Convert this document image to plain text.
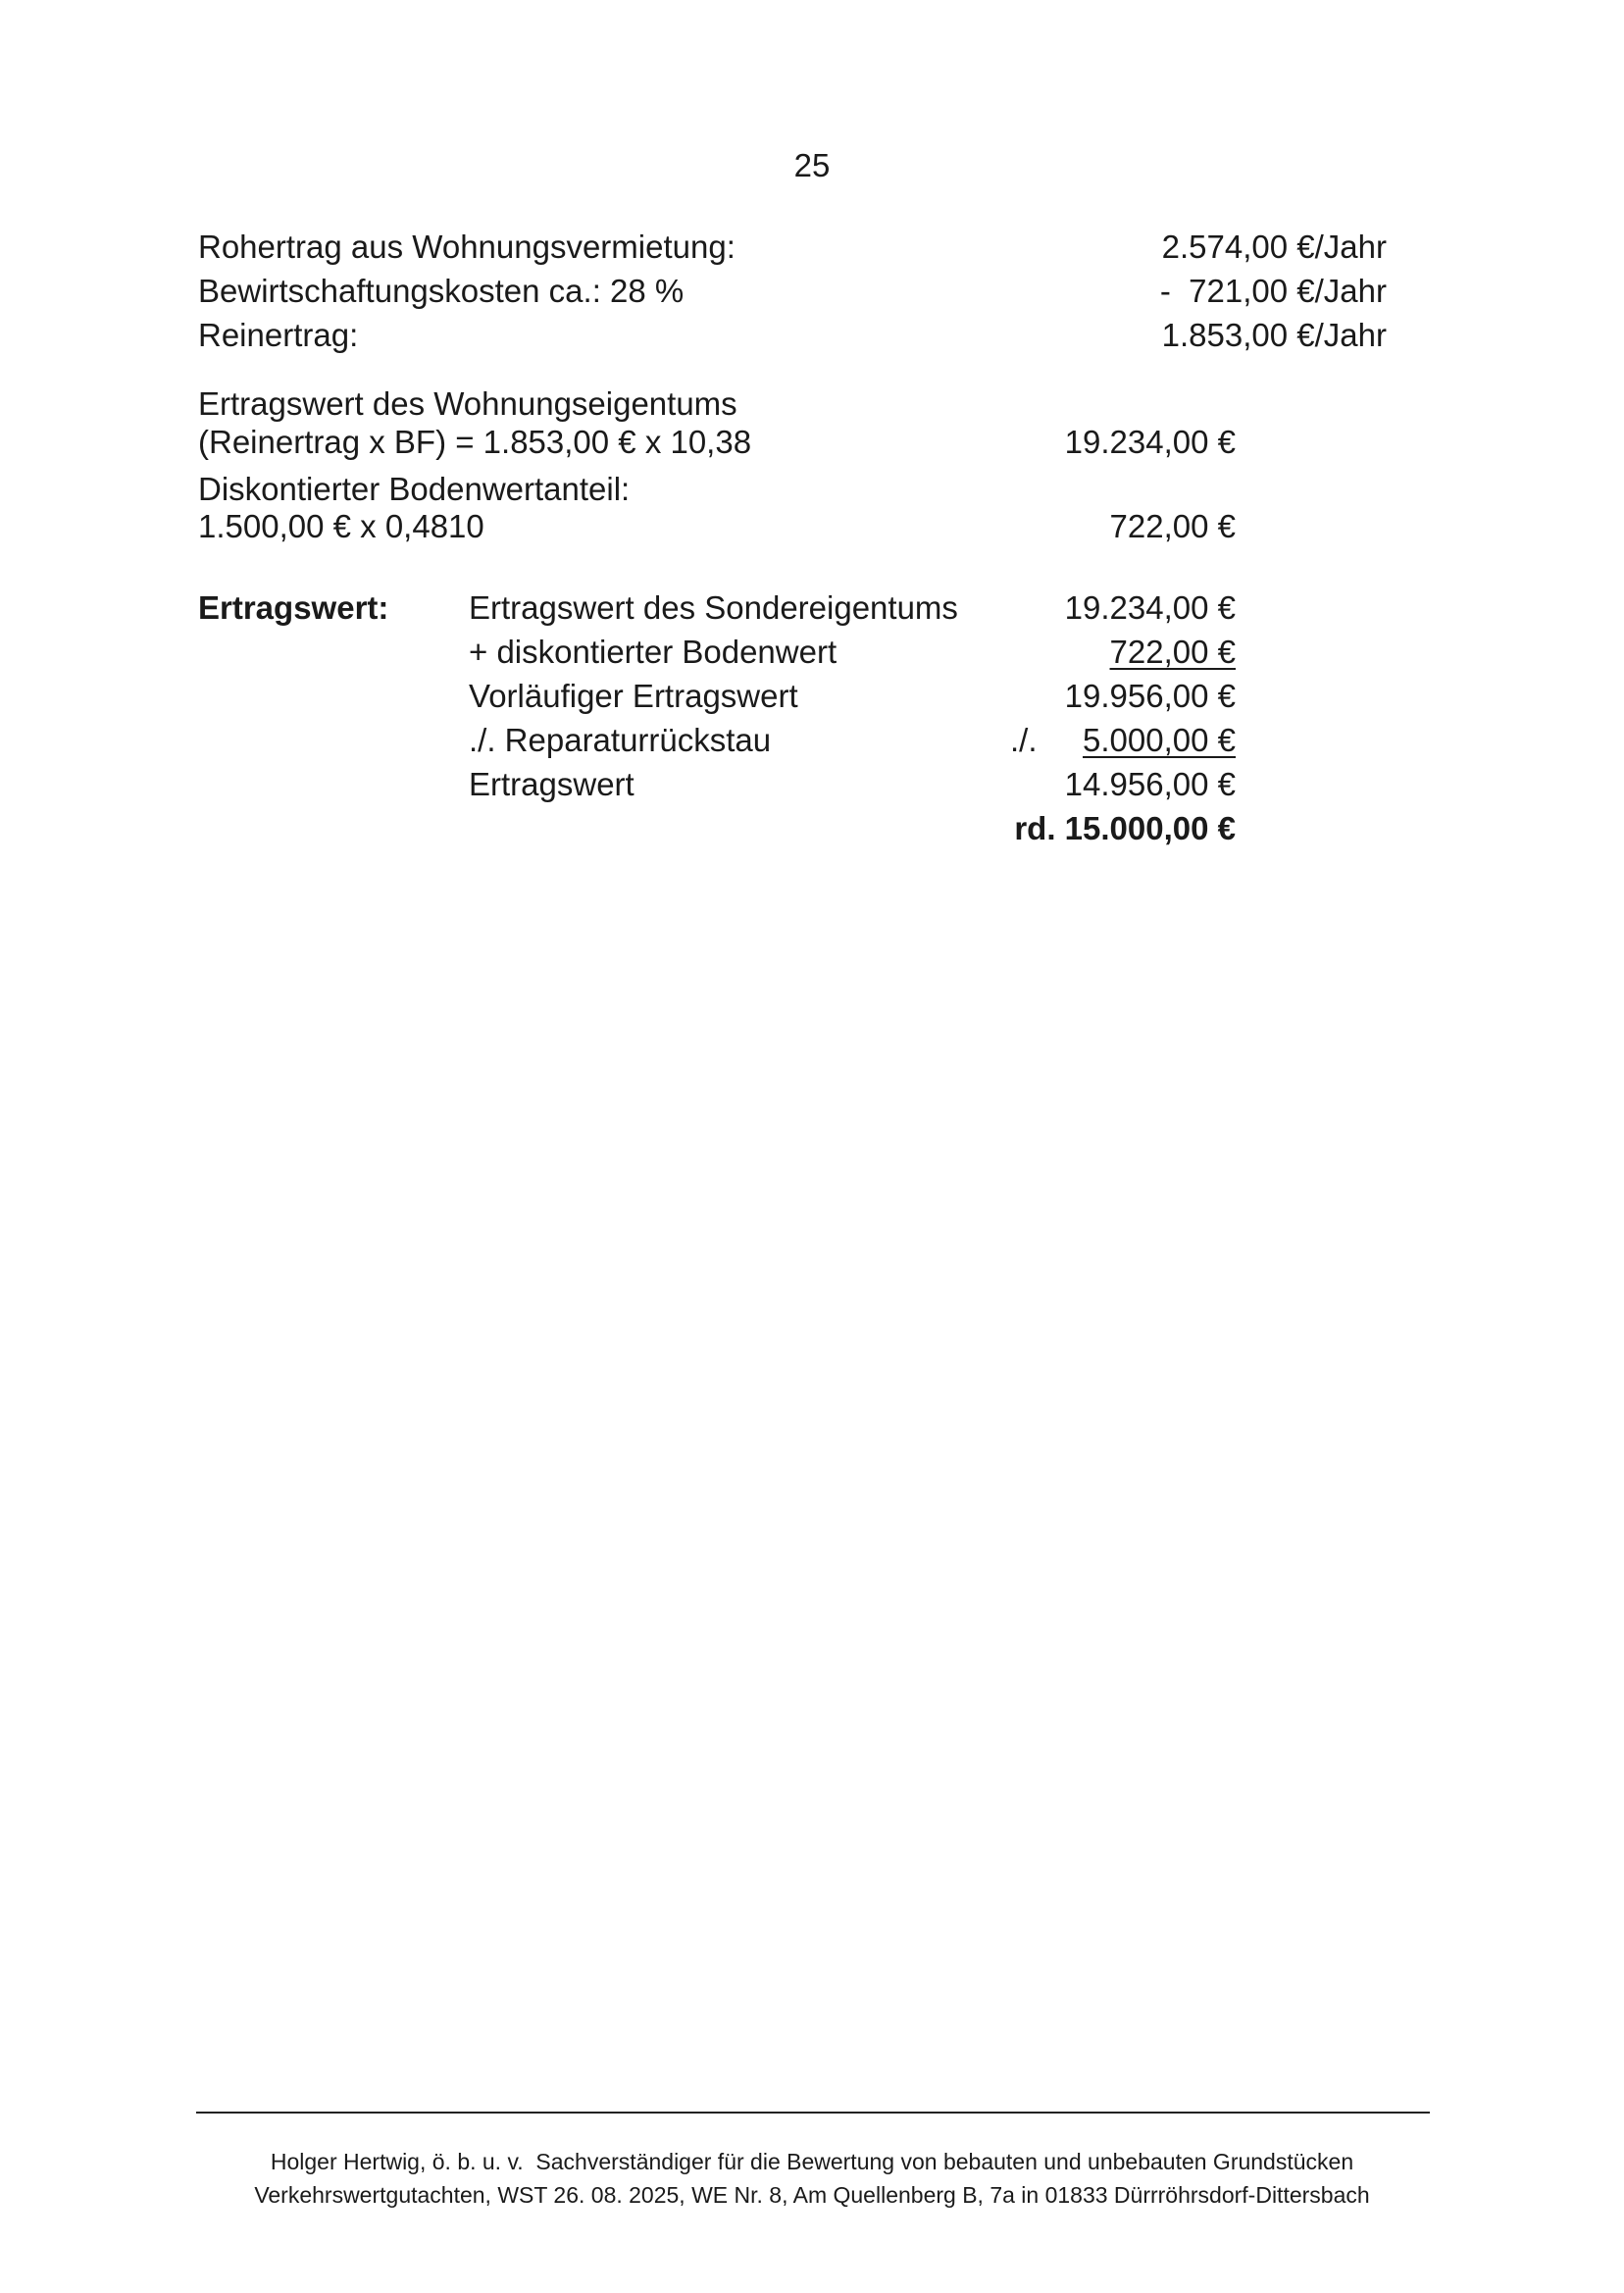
25
Rohertrag aus Wohnungsvermietung:	2.574,00 €/Jahr
Bewirtschaftungskosten ca.: 28 %	-  721,00 €/Jahr
Reinertrag:	1.853,00 €/Jahr
Ertragswert des Wohnungseigentums
(Reinertrag x BF) = 1.853,00 € x 10,38	19.234,00 €
Diskontierter Bodenwertanteil:
1.500,00 € x 0,4810	722,00 €
Ertragswert: Ertragswert des Sondereigentums	19.234,00 €
+ diskontierter Bodenwert	722,00 €
Vorläufiger Ertragswert	19.956,00 €
./. Reparaturrückstau	./.	5.000,00 €
Ertragswert	14.956,00 €
rd. 15.000,00 €
Holger Hertwig, ö. b. u. v.  Sachverständiger für die Bewertung von bebauten und unbebauten Grundstücken
Verkehrswertgutachten, WST 26. 08. 2025, WE Nr. 8, Am Quellenberg B, 7a in 01833 Dürrröhrsdorf-Dittersbach
